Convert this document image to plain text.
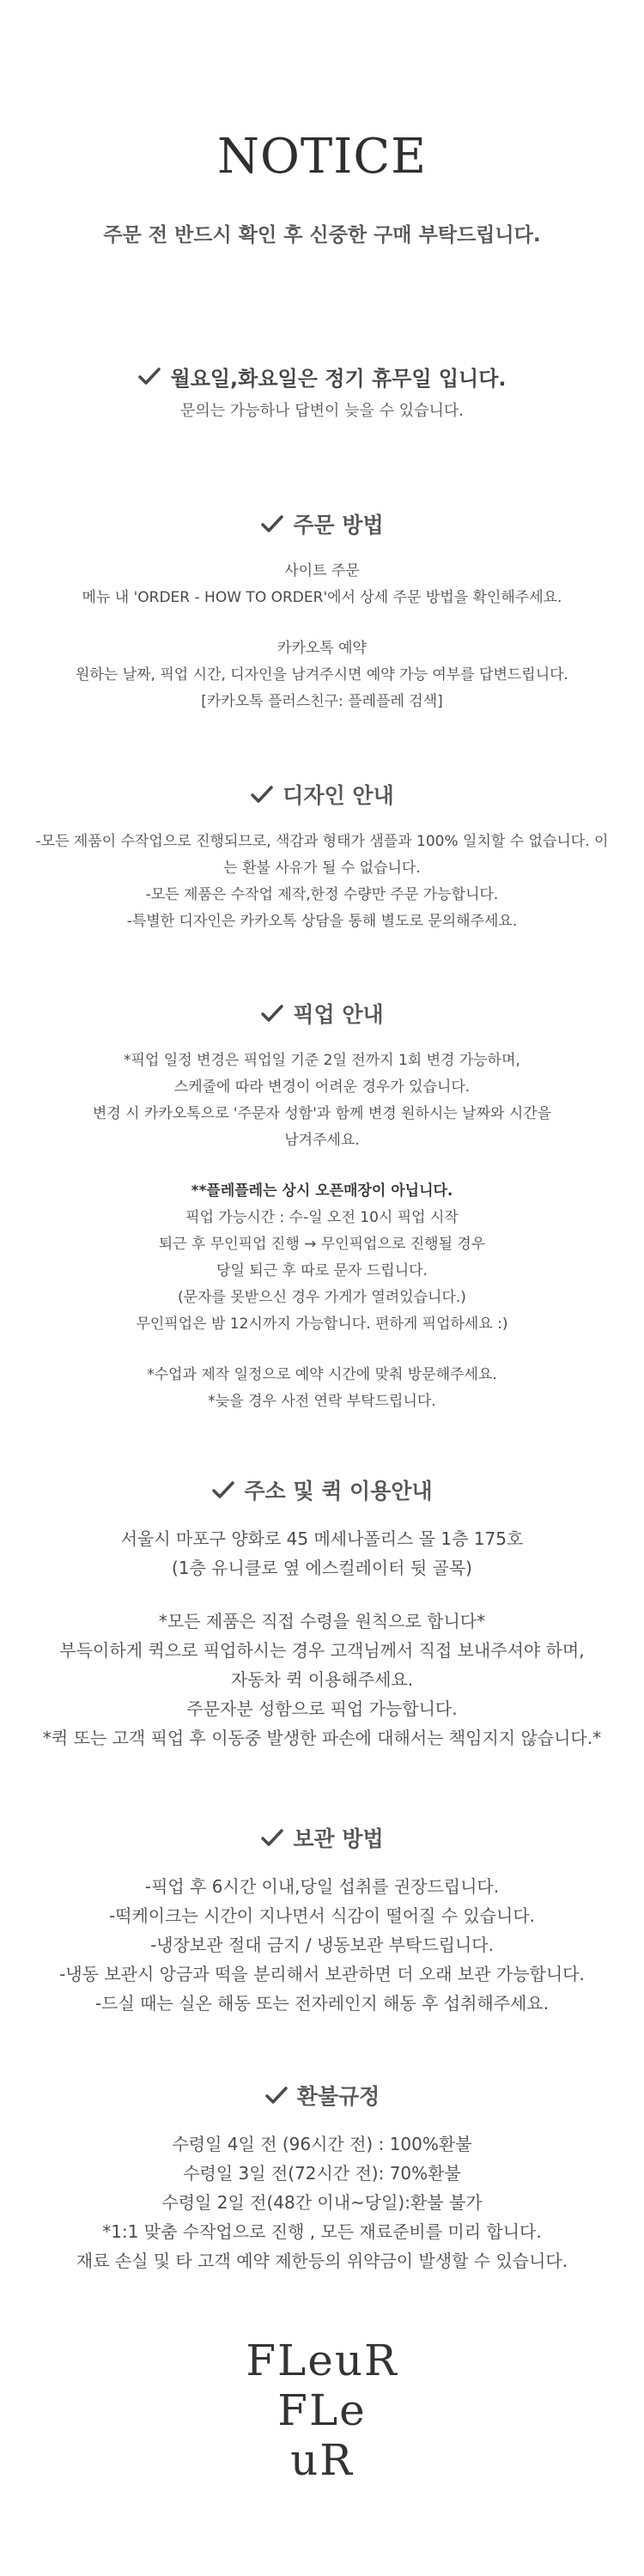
NOTICE
주문 전 반드시 확인 후 신중한 구매 부탁드립니다.
월요일,화요일은 정기 휴무일 입니다.
문의는 가능하나 답변이 늦을 수 있습니다.
주문 방법
사이트 주문
메뉴 내 'ORDER - HOW TO ORDER'에서 상세 주문 방법을 확인해주세요.
카카오톡 예약
원하는 날짜, 픽업 시간, 디자인을 남겨주시면 예약 가능 여부를 답변드립니다.
[카카오톡 플러스친구: 플레플레 검색]
디자인 안내
-모든 제품이 수작업으로 진행되므로, 색감과 형태가 샘플과 100% 일치할 수 없습니다. 이
는 환불 사유가 될 수 없습니다.
-모든 제품은 수작업 제작,한정 수량만 주문 가능합니다.
-특별한 디자인은 카카오톡 상담을 통해 별도로 문의해주세요.
픽업 안내
*픽업 일정 변경은 픽업일 기준 2일 전까지 1회 변경 가능하며,
스케줄에 따라 변경이 어려운 경우가 있습니다.
변경 시 카카오톡으로 '주문자 성함'과 함께 변경 원하시는 날짜와 시간을
남겨주세요.
**플레플레는 상시 오픈매장이 아닙니다.
픽업 가능시간 : 수-일 오전 10시 픽업 시작
퇴근 후 무인픽업 진행 → 무인픽업으로 진행될 경우
당일 퇴근 후 따로 문자 드립니다.
(문자를 못받으신 경우 가게가 열려있습니다.)
무인픽업은 밤 12시까지 가능합니다. 편하게 픽업하세요 :)
*수업과 제작 일정으로 예약 시간에 맞춰 방문해주세요.
*늦을 경우 사전 연락 부탁드립니다.
주소 및 퀵 이용안내
서울시 마포구 양화로 45 메세나폴리스 몰 1층 175호
(1층 유니클로 옆 에스컬레이터 뒷 골목)
*모든 제품은 직접 수령을 원칙으로 합니다*
부득이하게 퀵으로 픽업하시는 경우 고객님께서 직접 보내주셔야 하며,
자동차 퀵 이용해주세요.
주문자분 성함으로 픽업 가능합니다.
*퀵 또는 고객 픽업 후 이동중 발생한 파손에 대해서는 책임지지 않습니다.*
보관 방법
-픽업 후 6시간 이내,당일 섭취를 권장드립니다.
-떡케이크는 시간이 지나면서 식감이 떨어질 수 있습니다.
-냉장보관 절대 금지 / 냉동보관 부탁드립니다.
-냉동 보관시 앙금과 떡을 분리해서 보관하면 더 오래 보관 가능합니다.
-드실 때는 실온 해동 또는 전자레인지 해동 후 섭취해주세요.
환불규정
수령일 4일 전 (96시간 전) : 100%환불
수령일 3일 전(72시간 전): 70%환불
수령일 2일 전(48간 이내~당일):환불 불가
*1:1 맞춤 수작업으로 진행 , 모든 재료준비를 미리 합니다.
재료 손실 및 타 고객 예약 제한등의 위약금이 발생할 수 있습니다.
FLeuR
FLe
uR
